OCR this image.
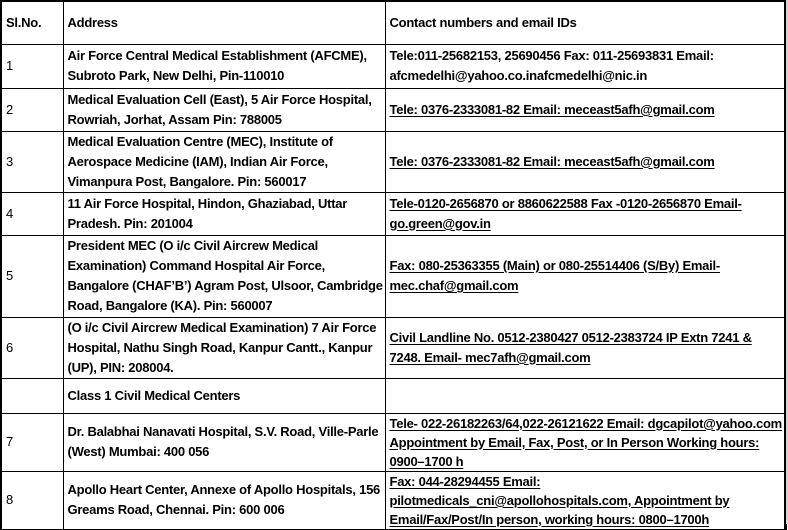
Sl.No.	Address	Contact numbers and email IDs
1	Air Force Central Medical Establishment (AFCME), Subroto Park, New Delhi, Pin-110010	Tele:011-25682153, 25690456 Fax: 011-25693831 Email: afcmedelhi@yahoo.co.inafcmedelhi@nic.in
2	Medical Evaluation Cell (East), 5 Air Force Hospital, Rowriah, Jorhat, Assam Pin: 788005	Tele: 0376-2333081-82 Email: meceast5afh@gmail.com
3	Medical Evaluation Centre (MEC), Institute of Aerospace Medicine (IAM), Indian Air Force, Vimanpura Post, Bangalore. Pin: 560017	Tele: 0376-2333081-82 Email: meceast5afh@gmail.com
4	11 Air Force Hospital, Hindon, Ghaziabad, Uttar Pradesh. Pin: 201004	Tele-0120-2656870 or 8860622588 Fax -0120-2656870 Email-go.green@gov.in
5	President MEC (O i/c Civil Aircrew Medical Examination) Command Hospital Air Force, Bangalore (CHAF’B’) Agram Post, Ulsoor, Cambridge Road, Bangalore (KA). Pin: 560007	Fax: 080-25363355 (Main) or 080-25514406 (S/By) Email- mec.chaf@gmail.com
6	(O i/c Civil Aircrew Medical Examination) 7 Air Force Hospital, Nathu Singh Road, Kanpur Cantt., Kanpur (UP), PIN: 208004.	Civil Landline No. 0512-2380427 0512-2383724 IP Extn 7241 & 7248. Email- mec7afh@gmail.com
	Class 1 Civil Medical Centers	
7	Dr. Balabhai Nanavati Hospital, S.V. Road, Ville-Parle (West) Mumbai: 400 056	Tele- 022-26182263/64,022-26121622 Email: dgcapilot@yahoo.com Appointment by Email, Fax, Post, or In Person Working hours: 0900–1700 h
8	Apollo Heart Center, Annexe of Apollo Hospitals, 156 Greams Road, Chennai. Pin: 600 006	Fax: 044-28294455 Email: pilotmedicals_cni@apollohospitals.com, Appointment by Email/Fax/Post/In person, working hours: 0800–1700h
